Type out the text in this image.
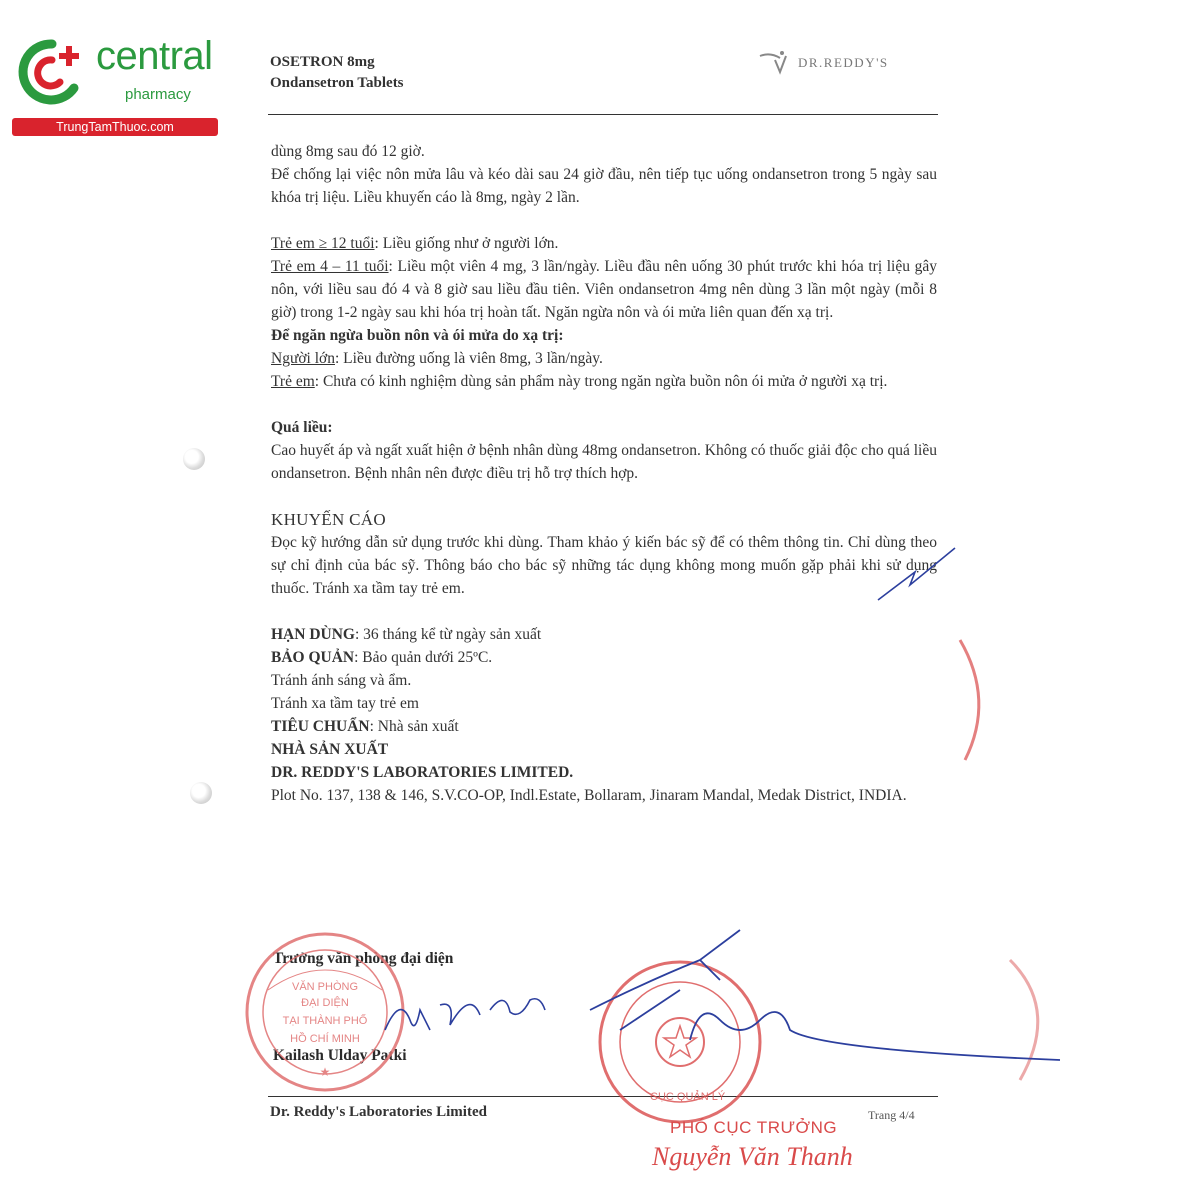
central
pharmacy
TrungTamThuoc.com
OSETRON 8mg
Ondansetron Tablets
DR.REDDY'S

dùng 8mg sau đó 12 giờ.

Để chống lại việc nôn mửa lâu và kéo dài sau 24 giờ đầu, nên tiếp tục uống ondansetron trong 5 ngày sau khóa trị liệu. Liều khuyến cáo là 8mg, ngày 2 lần.

Trẻ em ≥ 12 tuổi: Liều giống như ở người lớn.

Trẻ em 4 – 11 tuổi: Liều một viên 4 mg, 3 lần/ngày. Liều đầu nên uống 30 phút trước khi hóa trị liệu gây nôn, với liều sau đó 4 và 8 giờ sau liều đầu tiên. Viên ondansetron 4mg nên dùng 3 lần một ngày (mỗi 8 giờ) trong 1-2 ngày sau khi hóa trị hoàn tất. Ngăn ngừa nôn và ói mửa liên quan đến xạ trị.

Để ngăn ngừa buồn nôn và ói mửa do xạ trị:

Người lớn: Liều đường uống là viên 8mg, 3 lần/ngày.

Trẻ em: Chưa có kinh nghiệm dùng sản phẩm này trong ngăn ngừa buồn nôn ói mửa ở người xạ trị.

Quá liều:

Cao huyết áp và ngất xuất hiện ở bệnh nhân dùng 48mg ondansetron. Không có thuốc giải độc cho quá liều ondansetron. Bệnh nhân nên được điều trị hỗ trợ thích hợp.

KHUYẾN CÁO

Đọc kỹ hướng dẫn sử dụng trước khi dùng. Tham khảo ý kiến bác sỹ để có thêm thông tin. Chỉ dùng theo sự chỉ định của bác sỹ. Thông báo cho bác sỹ những tác dụng không mong muốn gặp phải khi sử dụng thuốc. Tránh xa tầm tay trẻ em.

HẠN DÙNG: 36 tháng kể từ ngày sản xuất

BẢO QUẢN: Bảo quản dưới 25ºC.

Tránh ánh sáng và ẩm.

Tránh xa tầm tay trẻ em

TIÊU CHUẨN: Nhà sản xuất

NHÀ SẢN XUẤT

DR. REDDY'S LABORATORIES LIMITED.

Plot No. 137, 138 & 146, S.V.CO-OP, Indl.Estate, Bollaram, Jinaram Mandal, Medak District, INDIA.

Trưởng văn phòng đại diện
Kailash Ulday Patki
PHÓ CỤC TRƯỞNG
Nguyễn Văn Thanh
Dr. Reddy's Laboratories Limited	Trang 4/4
VĂN PHÒNG
ĐẠI DIỆN
TẠI THÀNH PHỐ
HỒ CHÍ MINH
★
CỤC QUẢN LÝ
